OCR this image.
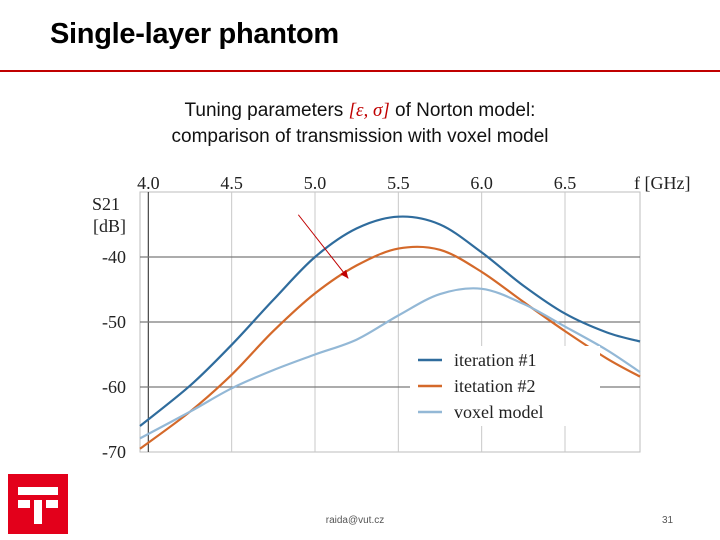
Single-layer phantom
Tuning parameters [ε, σ] of Norton model:
comparison of transmission with voxel model
4.0	4.5	5.0	5.5	6.0	6.5
-40
-50
-60
-70
f [GHz]
S21
[dB]
iteration #1
itetation #2
voxel model
raida@vut.cz	31
